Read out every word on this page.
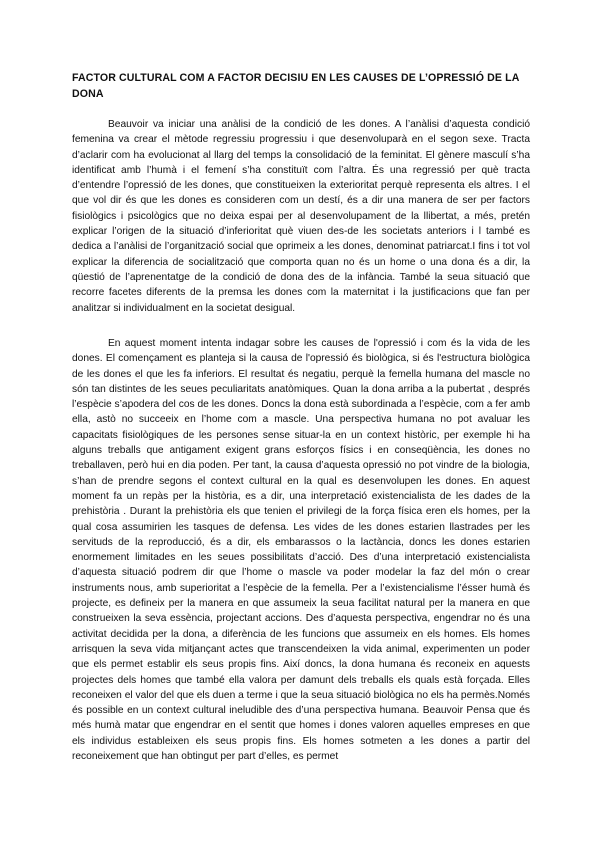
FACTOR CULTURAL COM A FACTOR DECISIU EN LES CAUSES DE L’OPRESSIÓ DE LA DONA

Beauvoir va iniciar una anàlisi de la condició de les dones. A l’anàlisi d’aquesta condició femenina va crear el mètode regressiu progressiu i que desenvoluparà en el segon sexe. Tracta d’aclarir com ha evolucionat al llarg del temps la consolidació de la feminitat. El gènere masculí s’ha identificat amb l’humà i el femení s’ha constituït com l’altra. És una regressió per què tracta d’entendre l’opressió de les dones, que constitueixen la exterioritat perquè representa els altres. I el que vol dir és que les dones es consideren com un destí, és a dir una manera de ser per factors fisiològics i psicològics que no deixa espai per al desenvolupament de la llibertat, a més, pretén explicar l’origen de la situació d’inferioritat què viuen des-de les societats anteriors i l també es dedica a l’anàlisi de l’organització social que oprimeix a les dones, denominat patriarcat.I fins i tot vol explicar la diferencia de socialització que comporta quan no és un home o una dona és a dir, la qüestió de l’aprenentatge de la condició de dona des de la infància. També la seua situació que recorre facetes diferents de la premsa les dones com la maternitat i la justificacions que fan per analitzar si individualment en la societat desigual.

En aquest moment intenta indagar sobre les causes de l'opressió i com és la vida de les dones. El començament es planteja si la causa de l'opressió és biològica, si és l'estructura biològica de les dones el que les fa inferiors. El resultat és negatiu, perquè la femella humana del mascle no són tan distintes de les seues peculiaritats anatòmiques. Quan la dona arriba a la pubertat , després l’espècie s’apodera del cos de les dones. Doncs la dona està subordinada a l’espècie, com a fer amb ella, astò no succeeix en l’home com a mascle. Una perspectiva humana no pot avaluar les capacitats fisiològiques de les persones sense situar-la en un context històric, per exemple hi ha alguns treballs que antigament exigent grans esforços físics i en conseqüència, les dones no treballaven, però hui en dia poden. Per tant, la causa d’aquesta opressió no pot vindre de la biologia, s’han de prendre segons el context cultural en la qual es desenvolupen les dones. En aquest moment fa un repàs per la història, es a dir, una interpretació existencialista de les dades de la prehistòria . Durant la prehistòria els que tenien el privilegi de la força física eren els homes, per la qual cosa assumirien les tasques de defensa. Les vides de les dones estarien llastrades per les servituds de la reproducció, és a dir, els embarassos o la lactància, doncs les dones estarien enormement limitades en les seues possibilitats d’acció. Des d’una interpretació existencialista d’aquesta situació podrem dir que l’home o mascle va poder modelar la faz del món o crear instruments nous, amb superioritat a l’espècie de la femella. Per a l’existencialisme l’ésser humà és projecte, es defineix per la manera en que assumeix la seua facilitat natural per la manera en que construeixen la seva essència, projectant accions. Des d’aquesta perspectiva, engendrar no és una activitat decidida per la dona, a diferència de les funcions que assumeix en els homes. Els homes arrisquen la seva vida mitjançant actes que transcendeixen la vida animal, experimenten un poder que els permet establir els seus propis fins. Així doncs, la dona humana és reconeix en aquests projectes dels homes que també ella valora per damunt dels treballs els quals està forçada. Elles reconeixen el valor del que els duen a terme i que la seua situació biològica no els ha permès.Només és possible en un context cultural ineludible des d’una perspectiva humana. Beauvoir Pensa que és més humà matar que engendrar en el sentit que homes i dones valoren aquelles empreses en que els individus estableixen els seus propis fins. Els homes sotmeten a les dones a partir del reconeixement que han obtingut per part d’elles, es permet
